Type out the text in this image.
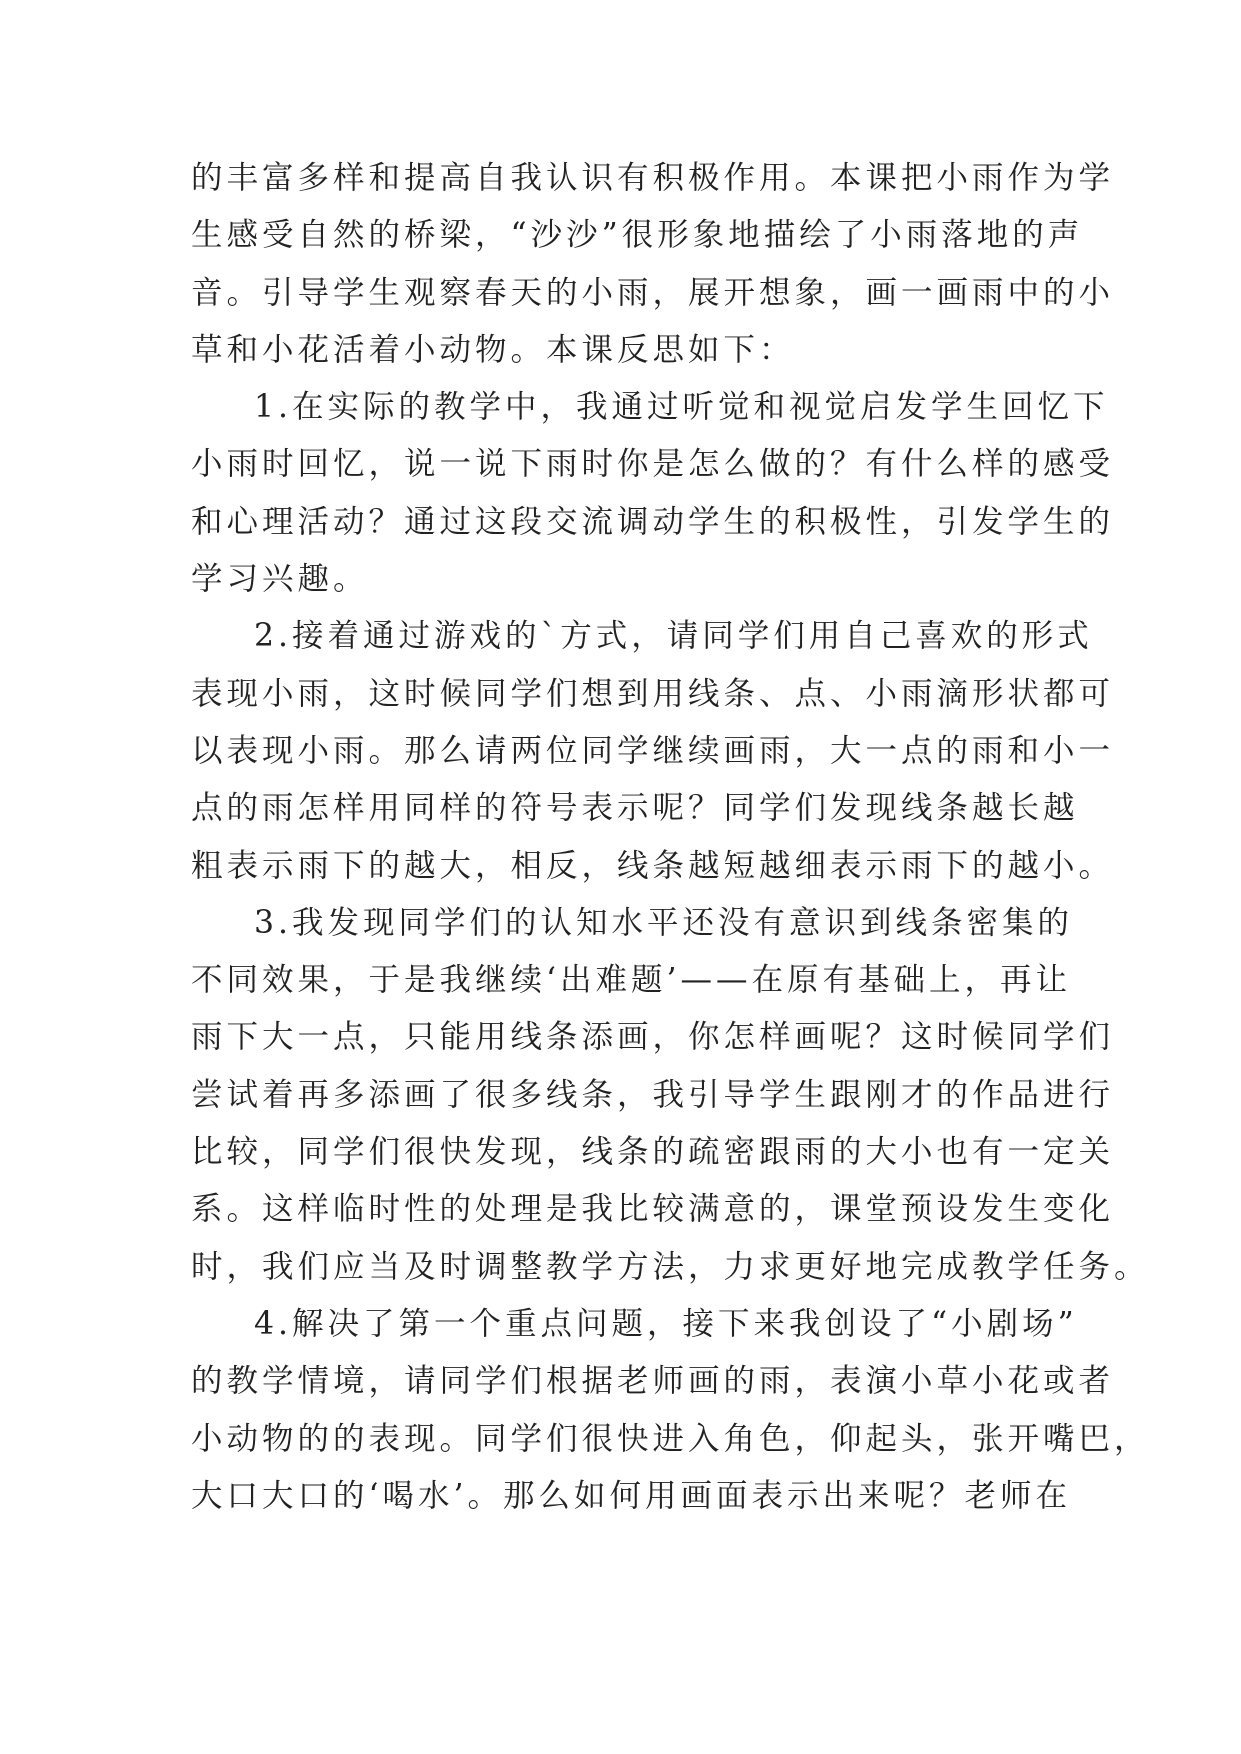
的丰富多样和提高自我认识有积极作用。本课把小雨作为学
生感受自然的桥梁，“沙沙”很形象地描绘了小雨落地的声
音。引导学生观察春天的小雨，展开想象，画一画雨中的小
草和小花活着小动物。本课反思如下：
1.在实际的教学中，我通过听觉和视觉启发学生回忆下
小雨时回忆，说一说下雨时你是怎么做的？有什么样的感受
和心理活动？通过这段交流调动学生的积极性，引发学生的
学习兴趣。
2.接着通过游戏的`方式，请同学们用自己喜欢的形式
表现小雨，这时候同学们想到用线条、点、小雨滴形状都可
以表现小雨。那么请两位同学继续画雨，大一点的雨和小一
点的雨怎样用同样的符号表示呢？同学们发现线条越长越
粗表示雨下的越大，相反，线条越短越细表示雨下的越小。
3.我发现同学们的认知水平还没有意识到线条密集的
不同效果，于是我继续‘出难题’——在原有基础上，再让
雨下大一点，只能用线条添画，你怎样画呢？这时候同学们
尝试着再多添画了很多线条，我引导学生跟刚才的作品进行
比较，同学们很快发现，线条的疏密跟雨的大小也有一定关
系。这样临时性的处理是我比较满意的，课堂预设发生变化
时，我们应当及时调整教学方法，力求更好地完成教学任务。
4.解决了第一个重点问题，接下来我创设了“小剧场”
的教学情境，请同学们根据老师画的雨，表演小草小花或者
小动物的的表现。同学们很快进入角色，仰起头，张开嘴巴，
大口大口的‘喝水’。那么如何用画面表示出来呢？老师在
